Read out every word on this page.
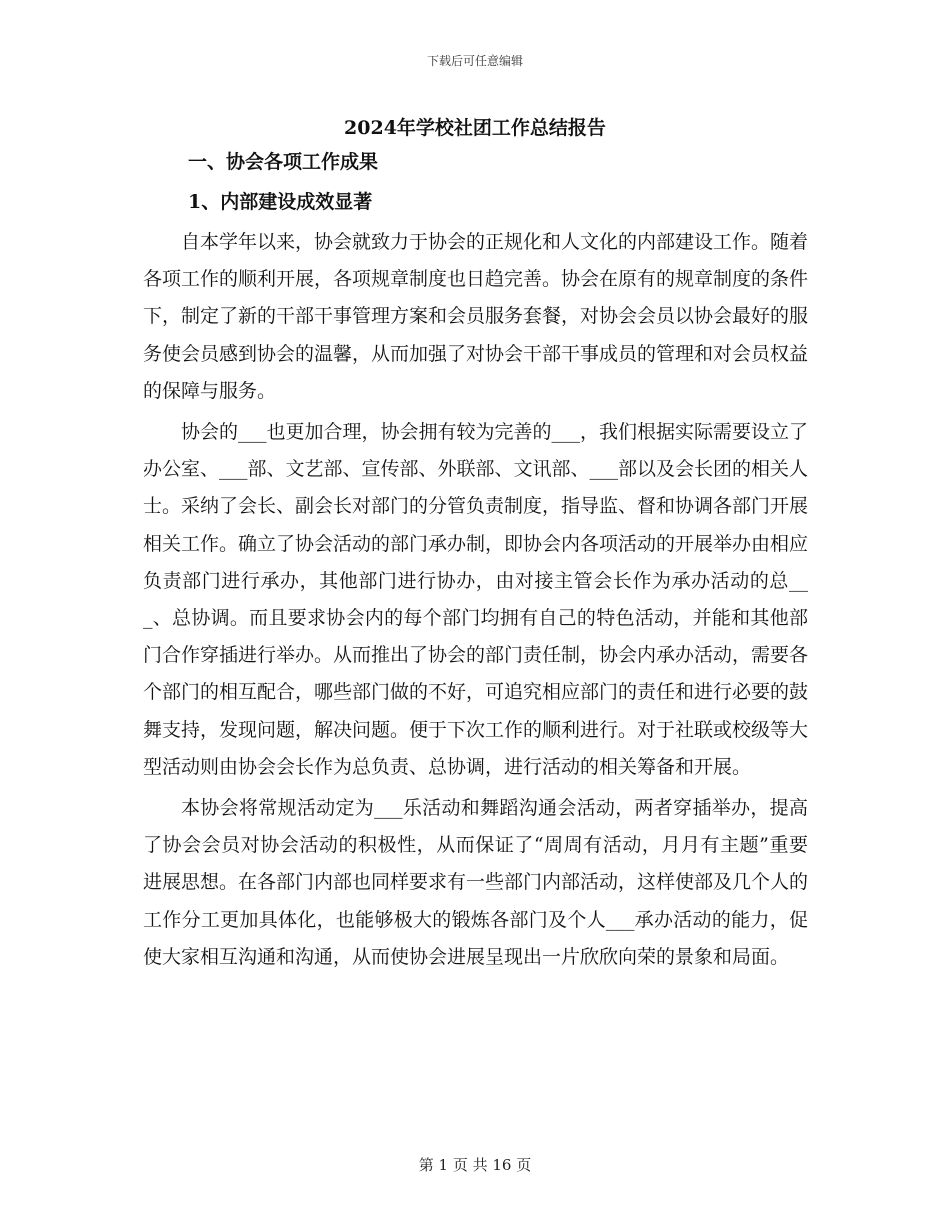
下载后可任意编辑
2024年学校社团工作总结报告
一、协会各项工作成果
1、内部建设成效显著

自本学年以来，协会就致力于协会的正规化和人文化的内部建设工作。随着各项工作的顺利开展，各项规章制度也日趋完善。协会在原有的规章制度的条件下，制定了新的干部干事管理方案和会员服务套餐，对协会会员以协会最好的服务使会员感到协会的温馨，从而加强了对协会干部干事成员的管理和对会员权益的保障与服务。

协会的___也更加合理，协会拥有较为完善的___，我们根据实际需要设立了办公室、___部、文艺部、宣传部、外联部、文讯部、___部以及会长团的相关人士。采纳了会长、副会长对部门的分管负责制度，指导监、督和协调各部门开展相关工作。确立了协会活动的部门承办制，即协会内各项活动的开展举办由相应负责部门进行承办，其他部门进行协办，由对接主管会长作为承办活动的总___、总协调。而且要求协会内的每个部门均拥有自己的特色活动，并能和其他部门合作穿插进行举办。从而推出了协会的部门责任制，协会内承办活动，需要各个部门的相互配合，哪些部门做的不好，可追究相应部门的责任和进行必要的鼓舞支持，发现问题，解决问题。便于下次工作的顺利进行。对于社联或校级等大型活动则由协会会长作为总负责、总协调，进行活动的相关筹备和开展。

本协会将常规活动定为___乐活动和舞蹈沟通会活动，两者穿插举办，提高了协会会员对协会活动的积极性，从而保证了“周周有活动，月月有主题”重要进展思想。在各部门内部也同样要求有一些部门内部活动，这样使部及几个人的工作分工更加具体化，也能够极大的锻炼各部门及个人___承办活动的能力，促使大家相互沟通和沟通，从而使协会进展呈现出一片欣欣向荣的景象和局面。

第 1 页 共 16 页
